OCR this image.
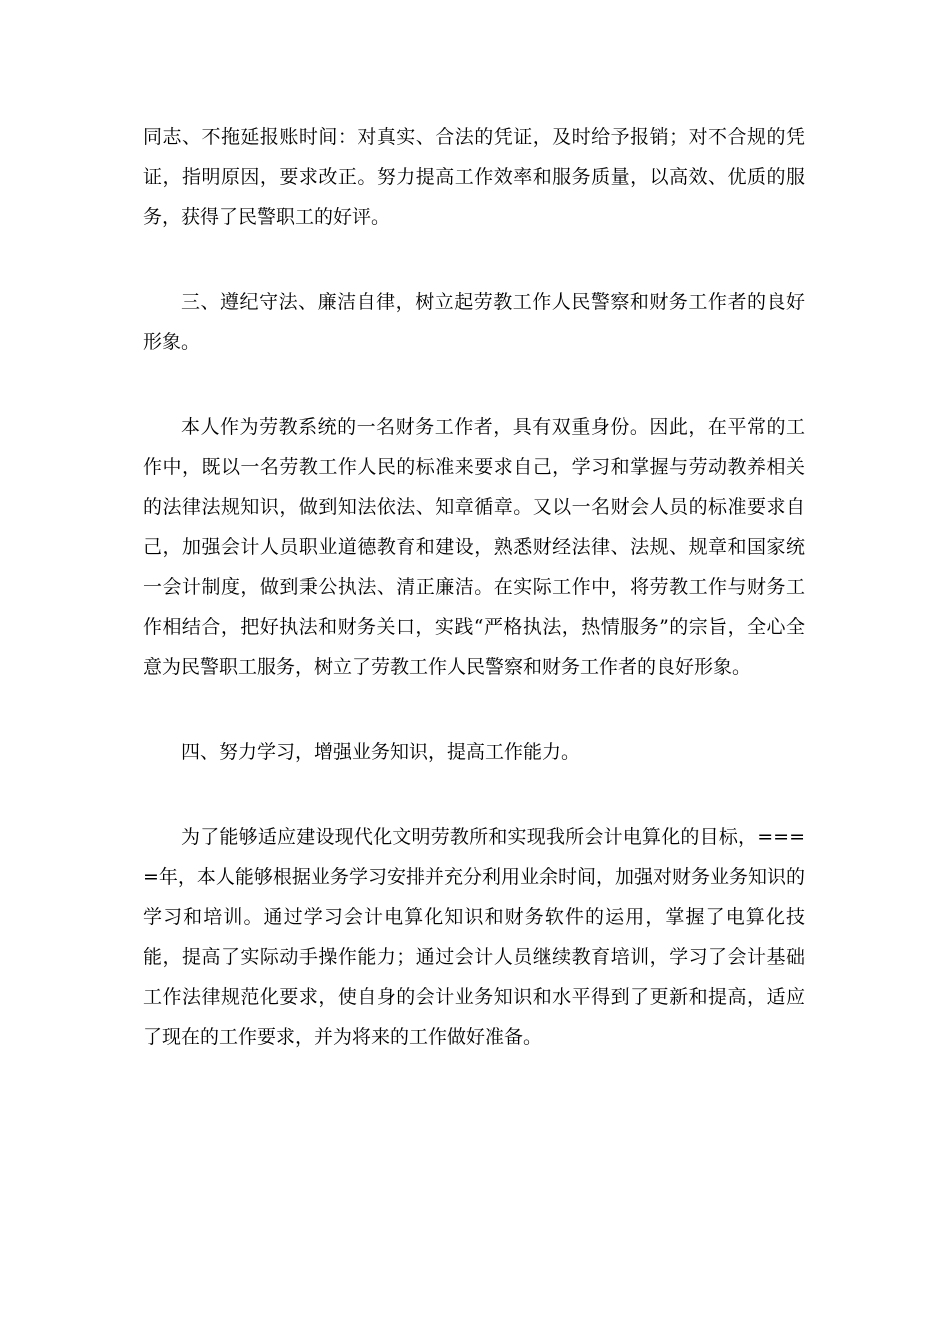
同志、不拖延报账时间：对真实、合法的凭证，及时给予报销；对不合规的凭证，指明原因，要求改正。努力提高工作效率和服务质量，以高效、优质的服务，获得了民警职工的好评。

三、遵纪守法、廉洁自律，树立起劳教工作人民警察和财务工作者的良好形象。

本人作为劳教系统的一名财务工作者，具有双重身份。因此，在平常的工作中，既以一名劳教工作人民的标准来要求自己，学习和掌握与劳动教养相关的法律法规知识，做到知法依法、知章循章。又以一名财会人员的标准要求自己，加强会计人员职业道德教育和建设，熟悉财经法律、法规、规章和国家统一会计制度，做到秉公执法、清正廉洁。在实际工作中，将劳教工作与财务工作相结合，把好执法和财务关口，实践“严格执法，热情服务”的宗旨，全心全意为民警职工服务，树立了劳教工作人民警察和财务工作者的良好形象。

四、努力学习，增强业务知识，提高工作能力。

为了能够适应建设现代化文明劳教所和实现我所会计电算化的目标，====年，本人能够根据业务学习安排并充分利用业余时间，加强对财务业务知识的学习和培训。通过学习会计电算化知识和财务软件的运用，掌握了电算化技能，提高了实际动手操作能力；通过会计人员继续教育培训，学习了会计基础工作法律规范化要求，使自身的会计业务知识和水平得到了更新和提高，适应了现在的工作要求，并为将来的工作做好准备。
